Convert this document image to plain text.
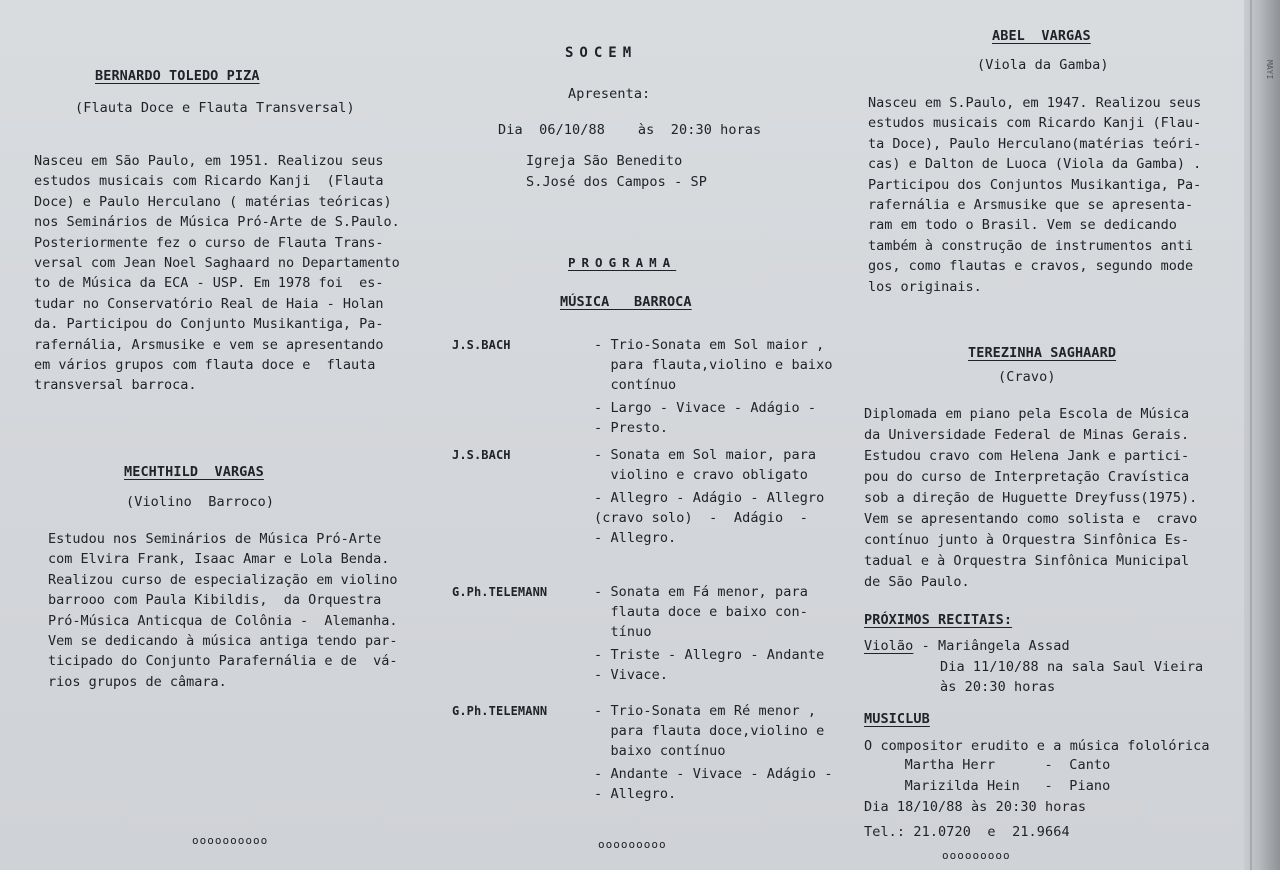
MAYI
BERNARDO TOLEDO PIZA
(Flauta Doce e Flauta Transversal)
Nasceu em São Paulo, em 1951. Realizou seus
estudos musicais com Ricardo Kanji  (Flauta
Doce) e Paulo Herculano ( matérias teóricas)
nos Seminários de Música Pró-Arte de S.Paulo.
Posteriormente fez o curso de Flauta Trans-
versal com Jean Noel Saghaard no Departamento
to de Música da ECA - USP. Em 1978 foi  es-
tudar no Conservatório Real de Haia - Holan
da. Participou do Conjunto Musikantiga, Pa-
rafernália, Arsmusike e vem se apresentando
em vários grupos com flauta doce e  flauta
transversal barroca.
MECHTHILD  VARGAS
(Violino  Barroco)
Estudou nos Seminários de Música Pró-Arte
com Elvira Frank, Isaac Amar e Lola Benda.
Realizou curso de especialização em violino
barrooo com Paula Kibildis,  da Orquestra
Pró-Música Anticqua de Colônia -  Alemanha.
Vem se dedicando à música antiga tendo par-
ticipado do Conjunto Parafernália e de  vá-
rios grupos de câmara.
oooooooooo
SOCEM
Apresenta:
Dia  06/10/88    às  20:30 horas
Igreja São Benedito
S.José dos Campos - SP
PROGRAMA
MÚSICA   BARROCA
J.S.BACH	- Trio-Sonata em Sol maior ,
para flauta,violino e baixo
contínuo
- Largo - Vivace - Adágio -
- Presto.
J.S.BACH	- Sonata em Sol maior, para
violino e cravo obligato
- Allegro - Adágio - Allegro
(cravo solo)  -  Adágio  -
- Allegro.
G.Ph.TELEMANN	- Sonata em Fá menor, para
flauta doce e baixo con-
tínuo
- Triste - Allegro - Andante
- Vivace.
G.Ph.TELEMANN	- Trio-Sonata em Ré menor ,
para flauta doce,violino e
baixo contínuo
- Andante - Vivace - Adágio -
- Allegro.
ooooooooo
ABEL  VARGAS
(Viola da Gamba)
Nasceu em S.Paulo, em 1947. Realizou seus
estudos musicais com Ricardo Kanji (Flau-
ta Doce), Paulo Herculano(matérias teóri-
cas) e Dalton de Luoca (Viola da Gamba) .
Participou dos Conjuntos Musikantiga, Pa-
rafernália e Arsmusike que se apresenta-
ram em todo o Brasil. Vem se dedicando
também à construção de instrumentos anti
gos, como flautas e cravos, segundo mode
los originais.
TEREZINHA SAGHAARD
(Cravo)
Diplomada em piano pela Escola de Música
da Universidade Federal de Minas Gerais.
Estudou cravo com Helena Jank e partici-
pou do curso de Interpretação Cravística
sob a direção de Huguette Dreyfuss(1975).
Vem se apresentando como solista e  cravo
contínuo junto à Orquestra Sinfônica Es-
tadual e à Orquestra Sinfônica Municipal
de São Paulo.
PRÓXIMOS RECITAIS:
Violão - Mariângela Assad
Dia 11/10/88 na sala Saul Vieira
às 20:30 horas
MUSICLUB
O compositor erudito e a música fololórica
Martha Herr      -  Canto
Marizilda Hein   -  Piano
Dia 18/10/88 às 20:30 horas
Tel.: 21.0720  e  21.9664
ooooooooo
